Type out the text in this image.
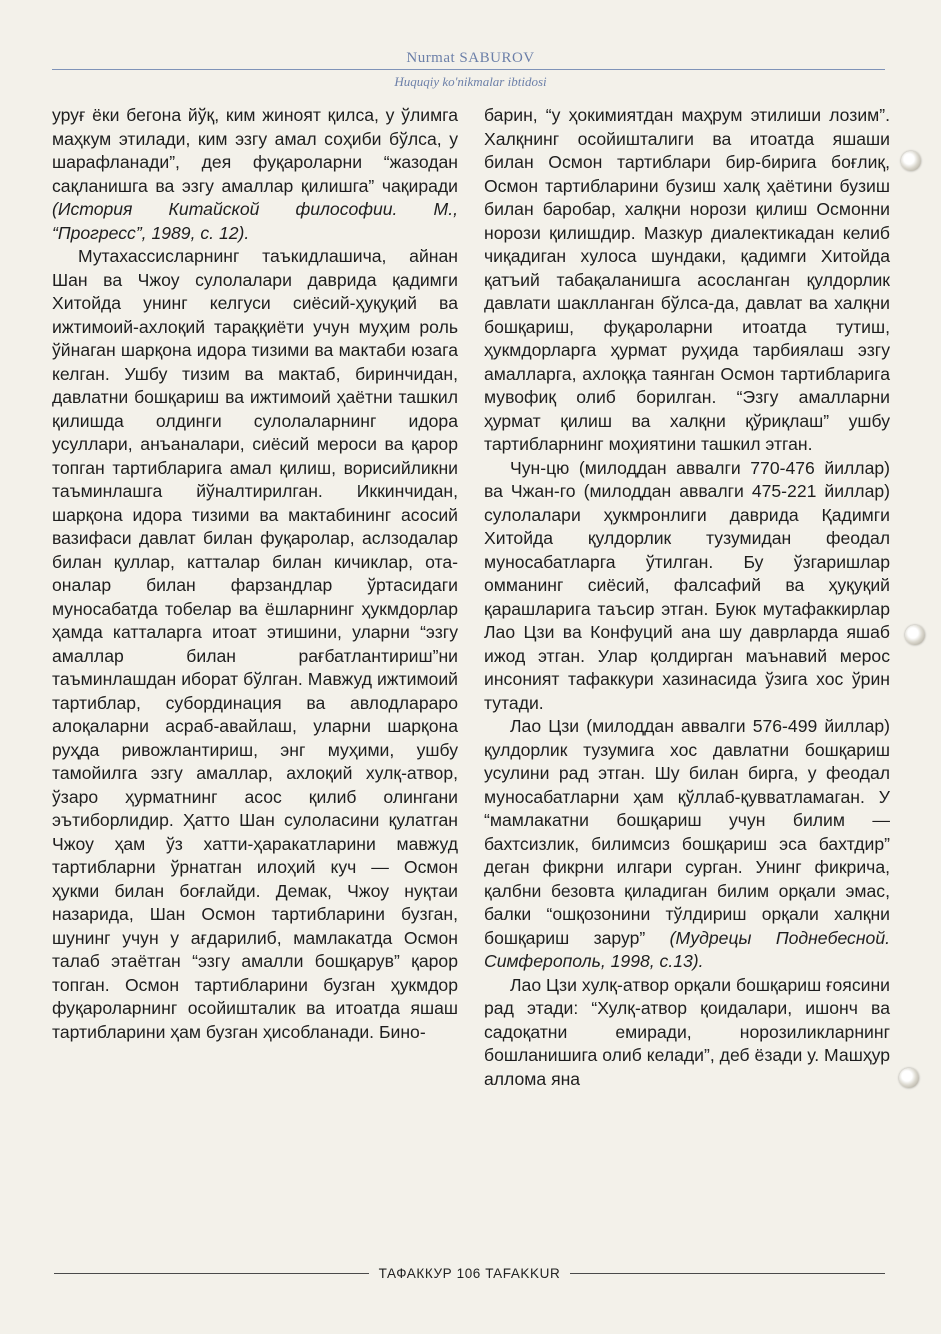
Nurmat SABUROV
Huquqiy ko'nikmalar ibtidosi

уруғ ёки бегона йўқ, ким жиноят қилса, у ўлимга маҳкум этилади, ким эзгу амал соҳиби бўлса, у шарафланади”, дея фуқароларни “жазодан сақланишга ва эзгу амаллар қилишга” чақиради (История Китайской философии. М., “Прогресс”, 1989, с. 12).

Мутахассисларнинг таъкидлашича, айнан Шан ва Чжоу сулолалари даврида қадимги Хитойда унинг келгуси сиёсий-ҳуқуқий ва ижтимоий-ахлоқий тараққиёти учун муҳим роль ўйнаган шарқона идора тизими ва мактаби юзага келган. Ушбу тизим ва мактаб, биринчидан, давлатни бошқариш ва ижтимоий ҳаётни ташкил қилишда олдинги сулолаларнинг идора усуллари, анъаналари, сиёсий мероси ва қарор топган тартибларига амал қилиш, ворисийликни таъминлашга йўналтирилган. Иккинчидан, шарқона идора тизими ва мактабининг асосий вазифаси давлат билан фуқаролар, аслзодалар билан қуллар, катталар билан кичиклар, ота-оналар билан фарзандлар ўртасидаги муносабатда тобелар ва ёшларнинг ҳукмдорлар ҳамда катталарга итоат этишини, уларни “эзгу амаллар билан рағбатлантириш”ни таъминлашдан иборат бўлган. Мавжуд ижтимоий тартиблар, субординация ва авлодлараро алоқаларни асраб-авайлаш, уларни шарқона руҳда ривожлантириш, энг муҳими, ушбу тамойилга эзгу амаллар, ахлоқий хулқ-атвор, ўзаро ҳурматнинг асос қилиб олингани эътиборлидир. Ҳатто Шан сулоласини қулатган Чжоу ҳам ўз хатти-ҳаракатларини мавжуд тартибларни ўрнатган илоҳий куч — Осмон ҳукми билан боғлайди. Демак, Чжоу нуқтаи назарида, Шан Осмон тартибларини бузган, шунинг учун у ағдарилиб, мамлакатда Осмон талаб этаётган “эзгу амалли бошқарув” қарор топган. Осмон тартибларини бузган ҳукмдор фуқароларнинг осойишталик ва итоатда яшаш тартибларини ҳам бузган ҳисобланади. Бино-

барин, “у ҳокимиятдан маҳрум этилиши лозим”. Халқнинг осойишталиги ва итоатда яшаши билан Осмон тартиблари бир-бирига боғлиқ, Осмон тартибларини бузиш халқ ҳаётини бузиш билан баробар, халқни норози қилиш Осмонни норози қилишдир. Мазкур диалектикадан келиб чиқадиган хулоса шундаки, қадимги Хитойда қатъий табақаланишга асосланган қулдорлик давлати шаклланган бўлса-да, давлат ва халқни бошқариш, фуқароларни итоатда тутиш, ҳукмдорларга ҳурмат руҳида тарбиялаш эзгу амалларга, ахлоққа таянган Осмон тартибларига мувофиқ олиб борилган. “Эзгу амалларни ҳурмат қилиш ва халқни қўриқлаш” ушбу тартибларнинг моҳиятини ташкил этган.

Чун-цю (милоддан аввалги 770-476 йиллар) ва Чжан-го (милоддан аввалги 475-221 йиллар) сулолалари ҳукмронлиги даврида Қадимги Хитойда қулдорлик тузумидан феодал муносабатларга ўтилган. Бу ўзгаришлар омманинг сиёсий, фалсафий ва ҳуқуқий қарашларига таъсир этган. Буюк мутафаккирлар Лао Цзи ва Конфуций ана шу даврларда яшаб ижод этган. Улар қолдирган маънавий мерос инсоният тафаккури хазинасида ўзига хос ўрин тутади.

Лао Цзи (милоддан аввалги 576-499 йиллар) қулдорлик тузумига хос давлатни бошқариш усулини рад этган. Шу билан бирга, у феодал муносабатларни ҳам қўллаб-қувватламаган. У “мамлакатни бошқариш учун билим — бахтсизлик, билимсиз бошқариш эса бахтдир” деган фикрни илгари сурган. Унинг фикрича, қалбни безовта қиладиган билим орқали эмас, балки “ошқозонини тўлдириш орқали халқни бошқариш зарур” (Мудрецы Поднебесной. Симферополь, 1998, с.13).

Лао Цзи хулқ-атвор орқали бошқариш ғоясини рад этади: “Хулқ-атвор қоидалари, ишонч ва садоқатни емиради, норозиликларнинг бошланишига олиб келади”, деб ёзади у. Машҳур аллома яна

ТАФАККУР 106 TAFAKKUR
